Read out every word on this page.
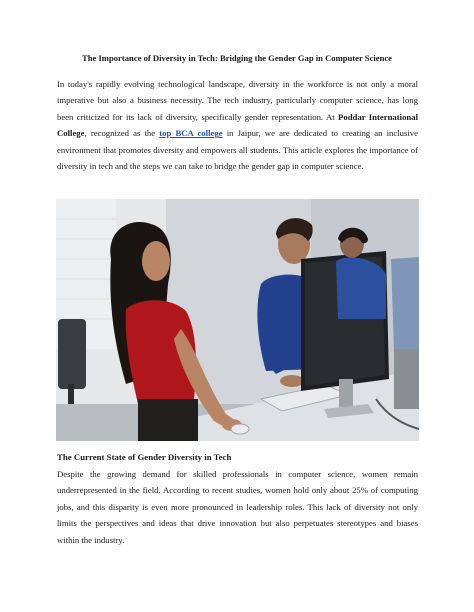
The Importance of Diversity in Tech: Bridging the Gender Gap in Computer Science
In today's rapidly evolving technological landscape, diversity in the workforce is not only a moral imperative but also a business necessity. The tech industry, particularly computer science, has long been criticized for its lack of diversity, specifically gender representation. At Poddar International College, recognized as the top BCA college in Jaipur, we are dedicated to creating an inclusive environment that promotes diversity and empowers all students. This article explores the importance of diversity in tech and the steps we can take to bridge the gender gap in computer science.
The Current State of Gender Diversity in Tech
Despite the growing demand for skilled professionals in computer science, women remain underrepresented in the field. According to recent studies, women hold only about 25% of computing jobs, and this disparity is even more pronounced in leadership roles. This lack of diversity not only limits the perspectives and ideas that drive innovation but also perpetuates stereotypes and biases within the industry.
